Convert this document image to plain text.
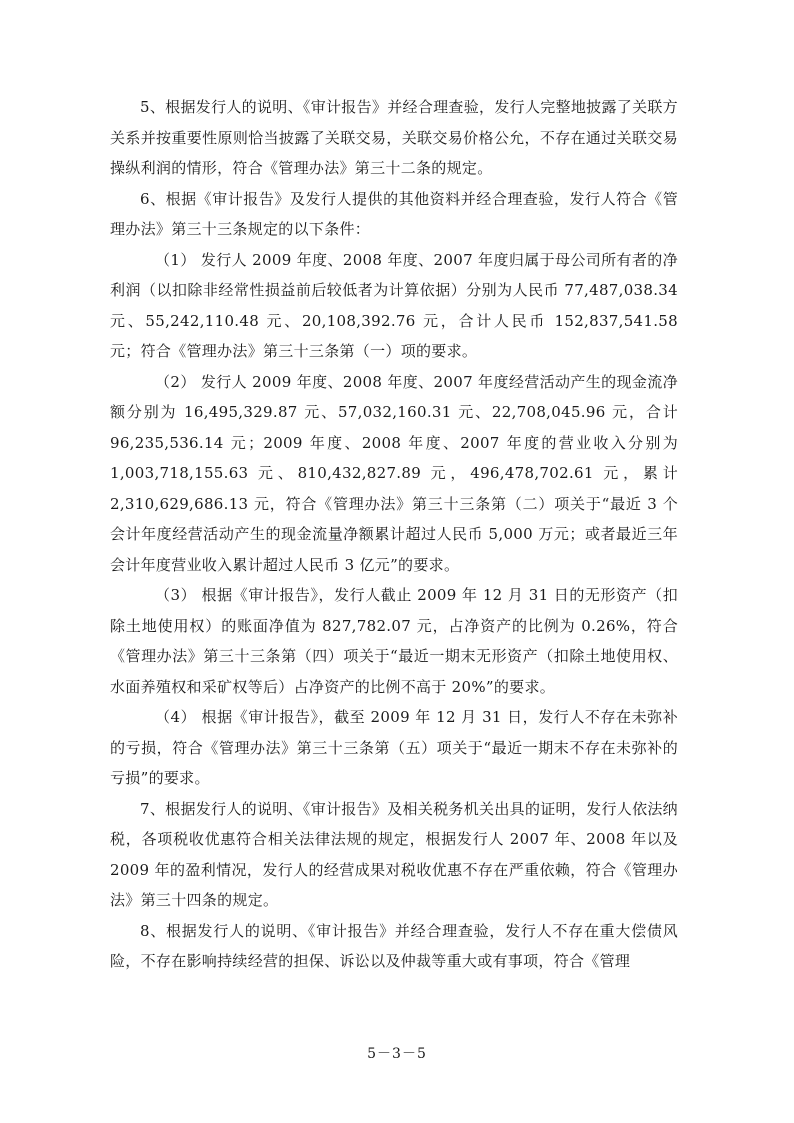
5、根据发行人的说明、《审计报告》并经合理查验，发行人完整地披露了关联方关系并按重要性原则恰当披露了关联交易，关联交易价格公允，不存在通过关联交易操纵利润的情形，符合《管理办法》第三十二条的规定。

6、根据《审计报告》及发行人提供的其他资料并经合理查验，发行人符合《管理办法》第三十三条规定的以下条件：

（1） 发行人 2009 年度、2008 年度、2007 年度归属于母公司所有者的净利润（以扣除非经常性损益前后较低者为计算依据）分别为人民币 77,487,038.34 元、55,242,110.48 元、20,108,392.76 元，合计人民币 152,837,541.58 元；符合《管理办法》第三十三条第（一）项的要求。

（2） 发行人 2009 年度、2008 年度、2007 年度经营活动产生的现金流净额分别为 16,495,329.87 元、57,032,160.31 元、22,708,045.96 元，合计 96,235,536.14 元；2009 年度、2008 年度、2007 年度的营业收入分别为 1,003,718,155.63 元、810,432,827.89 元，496,478,702.61 元，累计 2,310,629,686.13 元，符合《管理办法》第三十三条第（二）项关于“最近 3 个会计年度经营活动产生的现金流量净额累计超过人民币 5,000 万元；或者最近三年会计年度营业收入累计超过人民币 3 亿元”的要求。

（3） 根据《审计报告》，发行人截止 2009 年 12 月 31 日的无形资产（扣除土地使用权）的账面净值为 827,782.07 元，占净资产的比例为 0.26%，符合《管理办法》第三十三条第（四）项关于“最近一期末无形资产（扣除土地使用权、水面养殖权和采矿权等后）占净资产的比例不高于 20%”的要求。

（4） 根据《审计报告》，截至 2009 年 12 月 31 日，发行人不存在未弥补的亏损，符合《管理办法》第三十三条第（五）项关于“最近一期末不存在未弥补的亏损”的要求。

7、根据发行人的说明、《审计报告》及相关税务机关出具的证明，发行人依法纳税，各项税收优惠符合相关法律法规的规定，根据发行人 2007 年、2008 年以及 2009 年的盈利情况，发行人的经营成果对税收优惠不存在严重依赖，符合《管理办法》第三十四条的规定。

8、根据发行人的说明、《审计报告》并经合理查验，发行人不存在重大偿债风险，不存在影响持续经营的担保、诉讼以及仲裁等重大或有事项，符合《管理

5－3－5
